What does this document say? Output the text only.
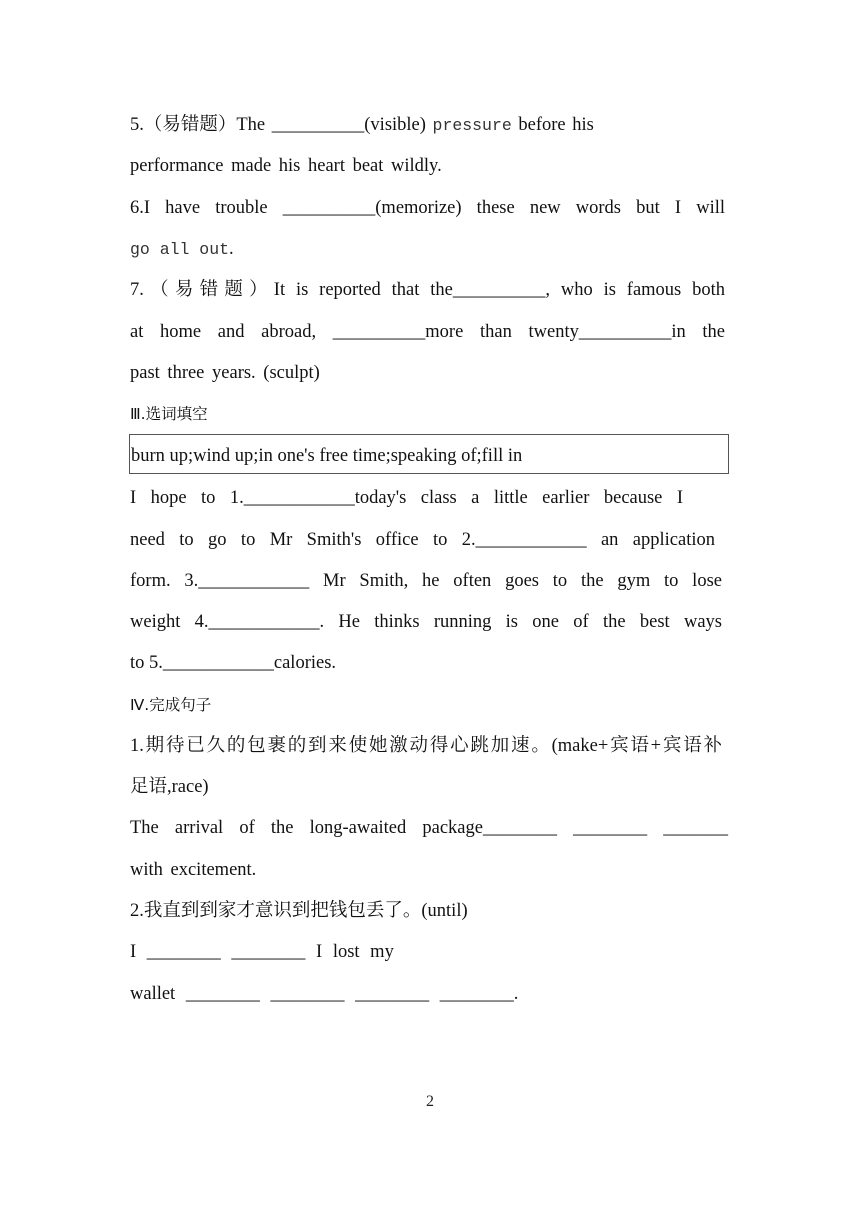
5.（易错题）The __________(visible) pressure before his
performance made his heart beat wildly.
6.I have trouble __________(memorize) these new words but I will
go all out.
7.（易错题）It is reported that the__________, who is famous both
at home and abroad, __________more than twenty__________in the
past three years. (sculpt)
Ⅲ.选词填空
burn up;wind up;in one's free time;speaking of;fill in
I hope to 1.____________today's class a little earlier because I
need to go to Mr Smith's office to 2.____________ an application
form. 3.____________ Mr Smith, he often goes to the gym to lose
weight 4.____________. He thinks running is one of the best ways
to 5.____________calories.
Ⅳ.完成句子
1.期待已久的包裹的到来使她激动得心跳加速。(make+宾语+宾语补
足语,race)
The arrival of the long-awaited package________ ________ _______
with excitement.
2.我直到到家才意识到把钱包丢了。(until)
I ________ ________ I lost my
wallet ________ ________ ________ ________.
2
